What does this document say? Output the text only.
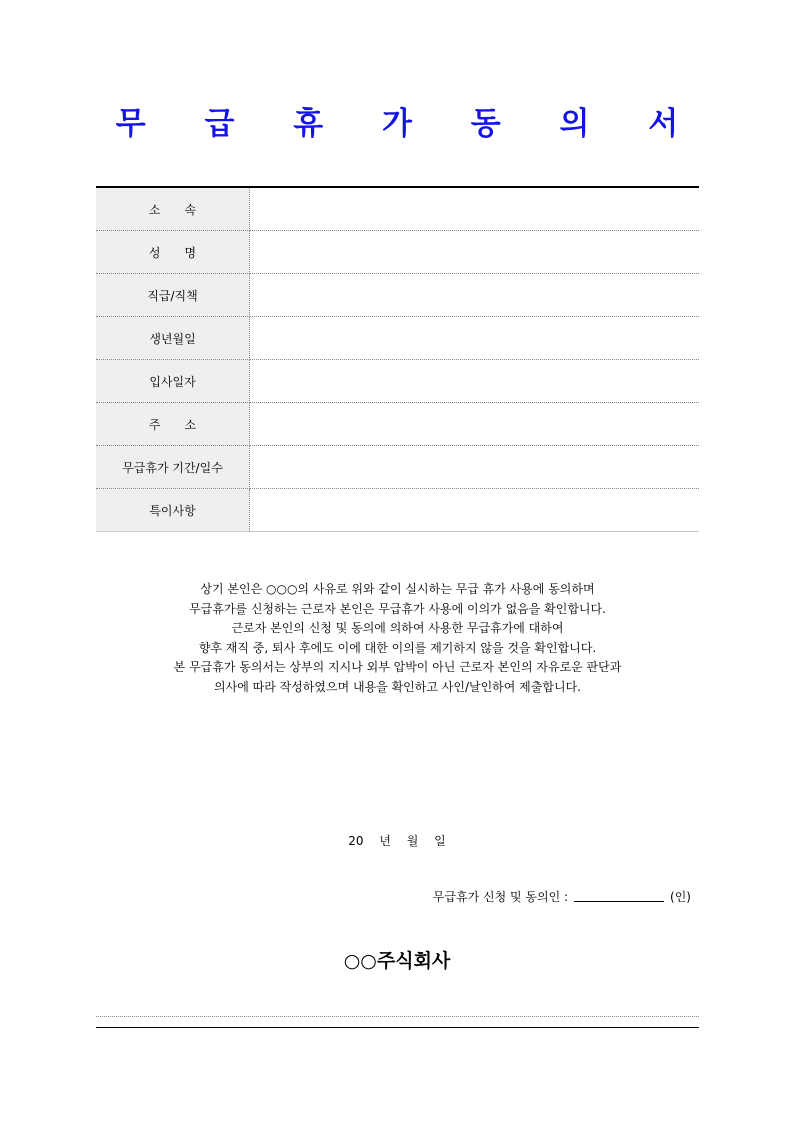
무 급 휴 가 동 의 서
소　　속	
성　　명	
직급/직책	
생년월일	
입사일자	
주　　소	
무급휴가 기간/일수	
특이사항	

상기 본인은 ○○○의 사유로 위와 같이 실시하는 무급 휴가 사용에 동의하며

무급휴가를 신청하는 근로자 본인은 무급휴가 사용에 이의가 없음을 확인합니다.

근로자 본인의 신청 및 동의에 의하여 사용한 무급휴가에 대하여

향후 재직 중, 퇴사 후에도 이에 대한 이의를 제기하지 않을 것을 확인합니다.

본 무급휴가 동의서는 상부의 지시나 외부 압박이 아닌 근로자 본인의 자유로운 판단과

의사에 따라 작성하였으며 내용을 확인하고 사인/날인하여 제출합니다.

20 년 월 일
무급휴가 신청 및 동의인 :	(인)
○○주식회사
